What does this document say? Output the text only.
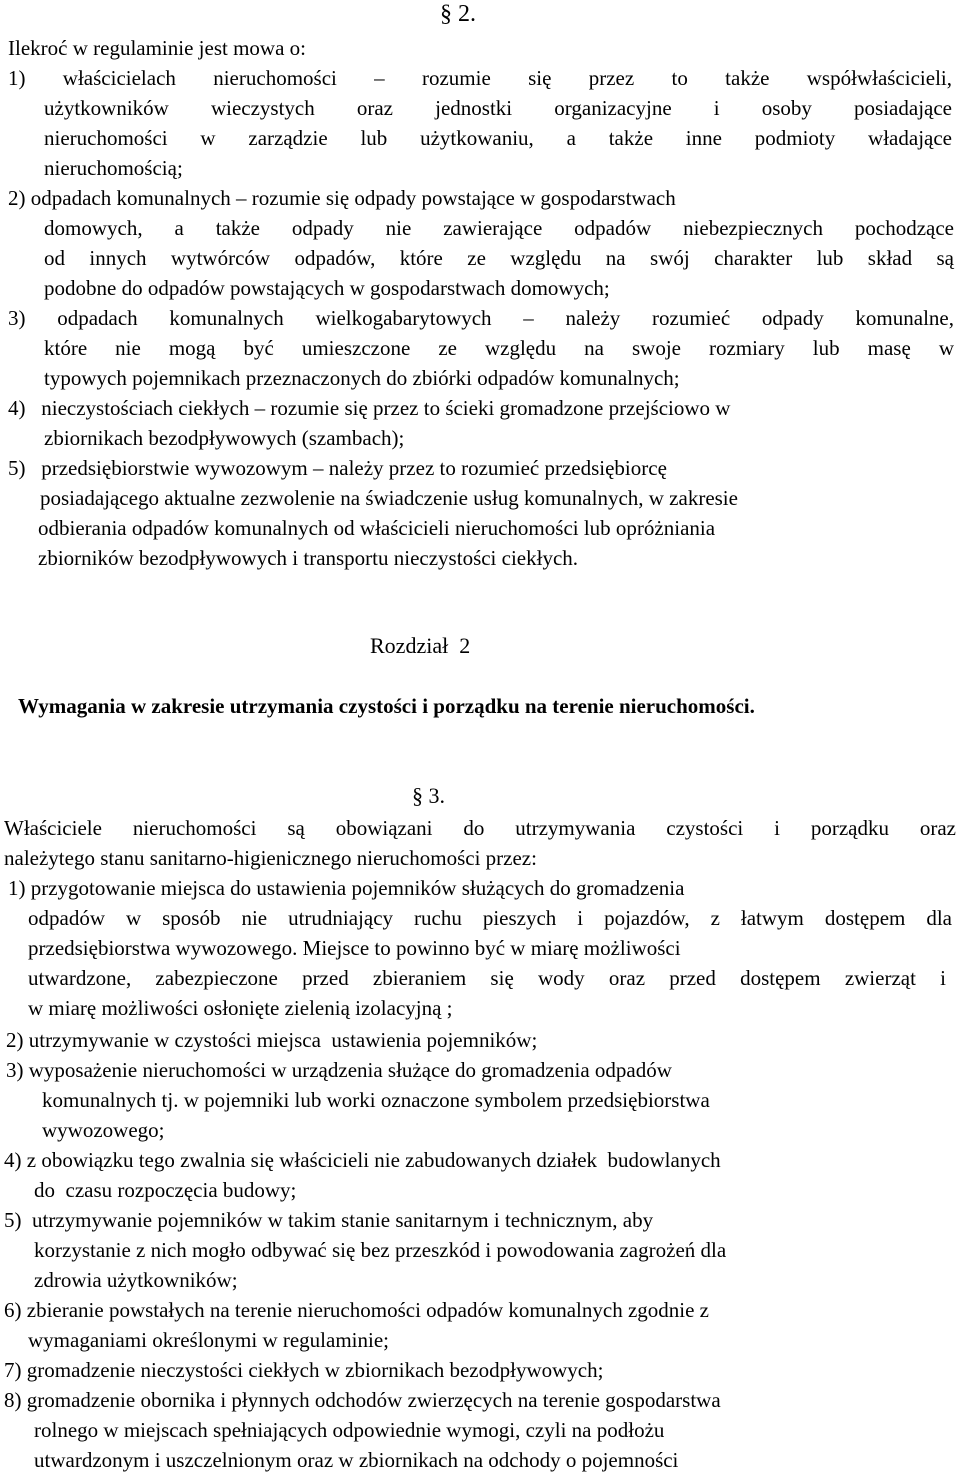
§ 2.
Ilekroć w regulaminie jest mowa o:
1) właścicielach nieruchomości – rozumie się przez to także współwłaścicieli,
użytkowników wieczystych oraz jednostki organizacyjne i osoby posiadające
nieruchomości w zarządzie lub użytkowaniu, a także inne podmioty władające
nieruchomością;
2) odpadach komunalnych – rozumie się odpady powstające w gospodarstwach
domowych, a także odpady nie zawierające odpadów niebezpiecznych pochodzące
od innych wytwórców odpadów, które ze względu na swój charakter lub skład są
podobne do odpadów powstających w gospodarstwach domowych;
3) odpadach komunalnych wielkogabarytowych – należy rozumieć odpady komunalne,
które nie mogą być umieszczone ze względu na swoje rozmiary lub masę w
typowych pojemnikach przeznaczonych do zbiórki odpadów komunalnych;
4)   nieczystościach ciekłych – rozumie się przez to ścieki gromadzone przejściowo w
zbiornikach bezodpływowych (szambach);
5)   przedsiębiorstwie wywozowym – należy przez to rozumieć przedsiębiorcę
posiadającego aktualne zezwolenie na świadczenie usług komunalnych, w zakresie
odbierania odpadów komunalnych od właścicieli nieruchomości lub opróżniania
zbiorników bezodpływowych i transportu nieczystości ciekłych.
Rozdział  2
Wymagania w zakresie utrzymania czystości i porządku na terenie nieruchomości.
§ 3.
Właściciele nieruchomości są obowiązani do utrzymywania czystości i porządku oraz
należytego stanu sanitarno-higienicznego nieruchomości przez:
1) przygotowanie miejsca do ustawienia pojemników służących do gromadzenia
odpadów w sposób nie utrudniający ruchu pieszych i pojazdów, z łatwym dostępem dla
przedsiębiorstwa wywozowego. Miejsce to powinno być w miarę możliwości
utwardzone, zabezpieczone przed zbieraniem się wody oraz przed dostępem zwierząt i
w miarę możliwości osłonięte zielenią izolacyjną ;
2) utrzymywanie w czystości miejsca  ustawienia pojemników;
3) wyposażenie nieruchomości w urządzenia służące do gromadzenia odpadów
komunalnych tj. w pojemniki lub worki oznaczone symbolem przedsiębiorstwa
wywozowego;
4) z obowiązku tego zwalnia się właścicieli nie zabudowanych działek  budowlanych
do  czasu rozpoczęcia budowy;
5)  utrzymywanie pojemników w takim stanie sanitarnym i technicznym, aby
korzystanie z nich mogło odbywać się bez przeszkód i powodowania zagrożeń dla
zdrowia użytkowników;
6) zbieranie powstałych na terenie nieruchomości odpadów komunalnych zgodnie z
wymaganiami określonymi w regulaminie;
7) gromadzenie nieczystości ciekłych w zbiornikach bezodpływowych;
8) gromadzenie obornika i płynnych odchodów zwierzęcych na terenie gospodarstwa
rolnego w miejscach spełniających odpowiednie wymogi, czyli na podłożu
utwardzonym i uszczelnionym oraz w zbiornikach na odchody o pojemności
